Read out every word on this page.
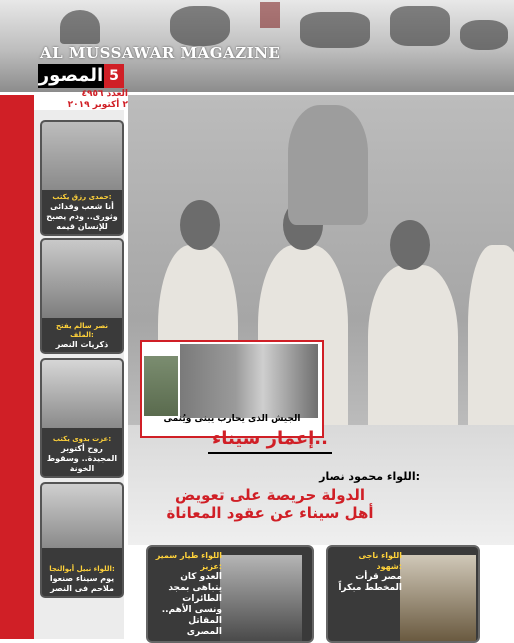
AL MUSSAWAR MAGAZINE
المصور 5
العدد ٤٩٥٦
٢ أكتوبر ٢٠١٩
حمدى رزق يكتب:
أنا شعب وفدائى وثورى.. ودم يصبح للإنسان قيمه
نصر سالم يفتح الملف:
ذكريات النصر
عزت بدوى يكتب:
روح أكتوبر المجيدة.. وسقوط الخونة
اللواء نبيل أبوالنجا:
يوم سيناء صنعوا ملاحم فى النصر
الجيش الذى يحارب يبنى ويُنمى
إعمار سيناء..
اللواء محمود نصار:
الدولة حريصة على تعويض
أهل سيناء عن عقود المعاناة
اللواء طيار سمير عزيز:
العدو كان يتباهى بمجد الطائرات ونسى الأهم.. المقاتل المصرى
اللواء ناجى شهود:
مصر قرأت المخطط مبكراً
